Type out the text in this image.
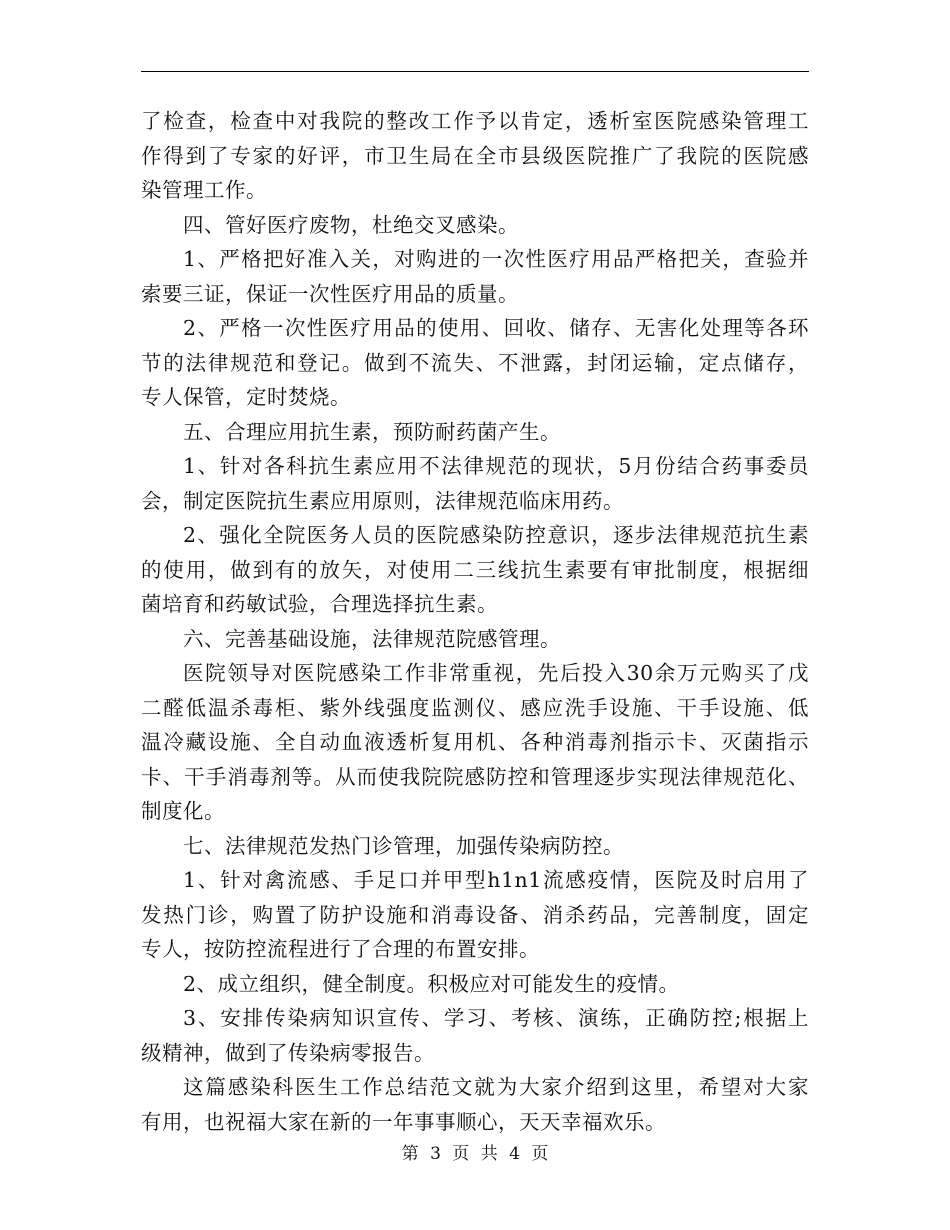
了检查，检查中对我院的整改工作予以肯定，透析室医院感染管理工
作得到了专家的好评，市卫生局在全市县级医院推广了我院的医院感
染管理工作。
四、管好医疗废物，杜绝交叉感染。
1、严格把好准入关，对购进的一次性医疗用品严格把关，查验并
索要三证，保证一次性医疗用品的质量。
2、严格一次性医疗用品的使用、回收、储存、无害化处理等各环
节的法律规范和登记。做到不流失、不泄露，封闭运输，定点储存，
专人保管，定时焚烧。
五、合理应用抗生素，预防耐药菌产生。
1、针对各科抗生素应用不法律规范的现状，5月份结合药事委员
会，制定医院抗生素应用原则，法律规范临床用药。
2、强化全院医务人员的医院感染防控意识，逐步法律规范抗生素
的使用，做到有的放矢，对使用二三线抗生素要有审批制度，根据细
菌培育和药敏试验，合理选择抗生素。
六、完善基础设施，法律规范院感管理。
医院领导对医院感染工作非常重视，先后投入30余万元购买了戊
二醛低温杀毒柜、紫外线强度监测仪、感应洗手设施、干手设施、低
温冷藏设施、全自动血液透析复用机、各种消毒剂指示卡、灭菌指示
卡、干手消毒剂等。从而使我院院感防控和管理逐步实现法律规范化、
制度化。
七、法律规范发热门诊管理，加强传染病防控。
1、针对禽流感、手足口并甲型h1n1流感疫情，医院及时启用了
发热门诊，购置了防护设施和消毒设备、消杀药品，完善制度，固定
专人，按防控流程进行了合理的布置安排。
2、成立组织，健全制度。积极应对可能发生的疫情。
3、安排传染病知识宣传、学习、考核、演练，正确防控;根据上
级精神，做到了传染病零报告。
这篇感染科医生工作总结范文就为大家介绍到这里，希望对大家
有用，也祝福大家在新的一年事事顺心，天天幸福欢乐。
第 3 页 共 4 页
